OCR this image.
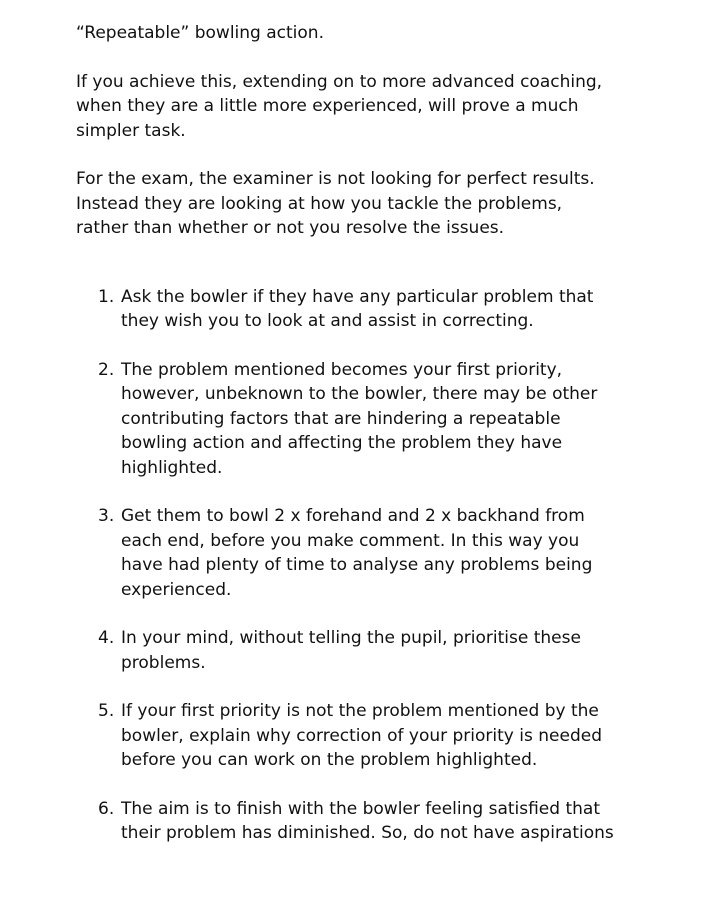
“Repeatable” bowling action.

If you achieve this, extending on to more advanced coaching,
when they are a little more experienced, will prove a much
simpler task.

For the exam, the examiner is not looking for perfect results.
Instead they are looking at how you tackle the problems,
rather than whether or not you resolve the issues.

1. Ask the bowler if they have any particular problem that
they wish you to look at and assist in correcting.
2. The problem mentioned becomes your first priority,
however, unbeknown to the bowler, there may be other
contributing factors that are hindering a repeatable
bowling action and affecting the problem they have
highlighted.
3. Get them to bowl 2 x forehand and 2 x backhand from
each end, before you make comment. In this way you
have had plenty of time to analyse any problems being
experienced.
4. In your mind, without telling the pupil, prioritise these
problems.
5. If your first priority is not the problem mentioned by the
bowler, explain why correction of your priority is needed
before you can work on the problem highlighted.
6. The aim is to finish with the bowler feeling satisfied that
their problem has diminished. So, do not have aspirations
